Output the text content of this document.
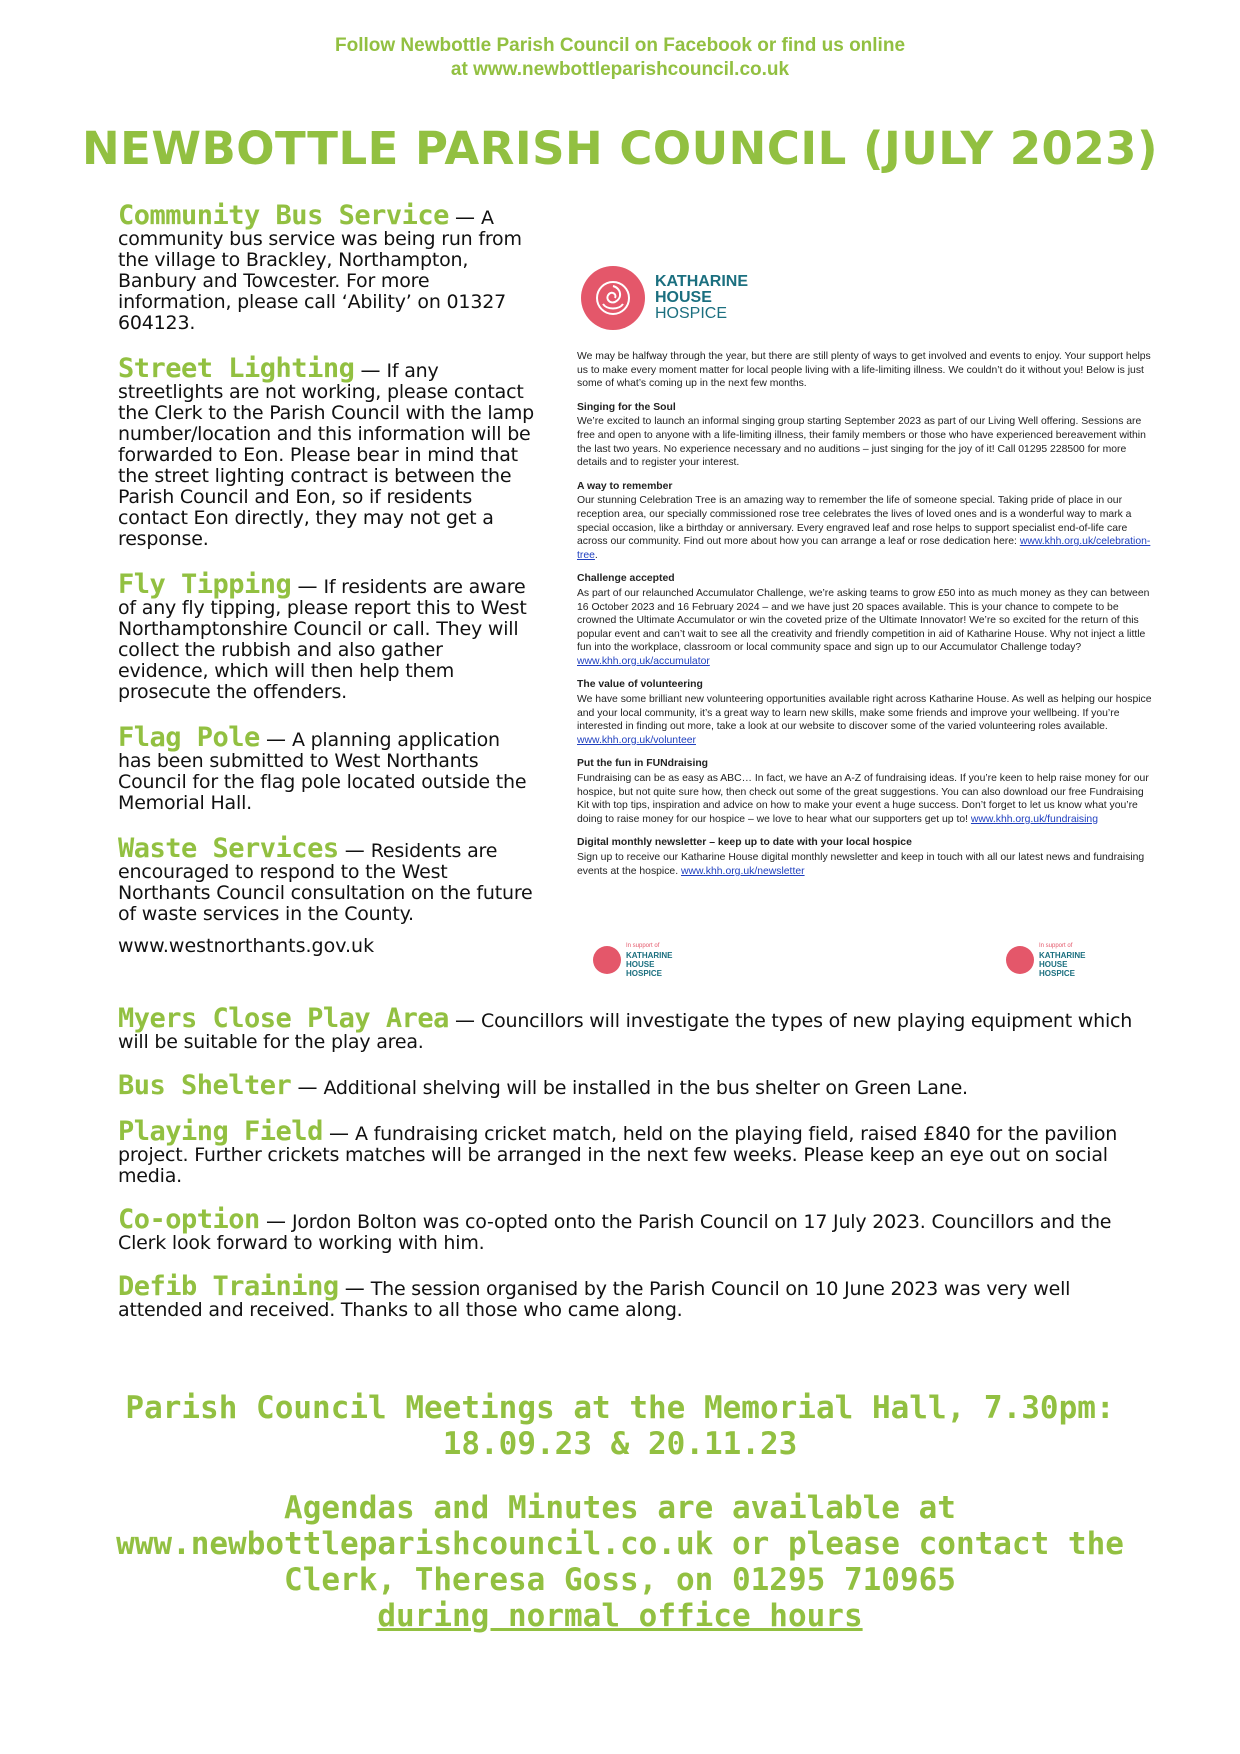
Follow Newbottle Parish Council on Facebook or find us online
at www.newbottleparishcouncil.co.uk
NEWBOTTLE PARISH COUNCIL (JULY 2023)
Community Bus Service — A community bus service was being run from the village to Brackley, Northampton, Banbury and Towcester. For more information, please call ‘Ability’ on 01327 604123.
Street Lighting — If any streetlights are not working, please contact the Clerk to the Parish Council with the lamp number/location and this information will be forwarded to Eon. Please bear in mind that the street lighting contract is between the Parish Council and Eon, so if residents contact Eon directly, they may not get a response.
Fly Tipping — If residents are aware of any fly tipping, please report this to West Northamptonshire Council or call. They will collect the rubbish and also gather evidence, which will then help them prosecute the offenders.
Flag Pole — A planning application has been submitted to West Northants Council for the flag pole located outside the Memorial Hall.
Waste Services — Residents are encouraged to respond to the West Northants Council consultation on the future of waste services in the County.
www.westnorthants.gov.uk
KATHARINE
HOUSE
HOSPICE

We may be halfway through the year, but there are still plenty of ways to get involved and events to enjoy. Your support helps us to make every moment matter for local people living with a life-limiting illness. We couldn’t do it without you! Below is just some of what’s coming up in the next few months.

Singing for the Soul
We’re excited to launch an informal singing group starting September 2023 as part of our Living Well offering. Sessions are free and open to anyone with a life-limiting illness, their family members or those who have experienced bereavement within the last two years. No experience necessary and no auditions – just singing for the joy of it! Call 01295 228500 for more details and to register your interest.

A way to remember
Our stunning Celebration Tree is an amazing way to remember the life of someone special. Taking pride of place in our reception area, our specially commissioned rose tree celebrates the lives of loved ones and is a wonderful way to mark a special occasion, like a birthday or anniversary. Every engraved leaf and rose helps to support specialist end-of-life care across our community. Find out more about how you can arrange a leaf or rose dedication here: www.khh.org.uk/celebration-tree.

Challenge accepted
As part of our relaunched Accumulator Challenge, we’re asking teams to grow £50 into as much money as they can between 16 October 2023 and 16 February 2024 – and we have just 20 spaces available. This is your chance to compete to be crowned the Ultimate Accumulator or win the coveted prize of the Ultimate Innovator! We’re so excited for the return of this popular event and can’t wait to see all the creativity and friendly competition in aid of Katharine House. Why not inject a little fun into the workplace, classroom or local community space and sign up to our Accumulator Challenge today? www.khh.org.uk/accumulator

The value of volunteering
We have some brilliant new volunteering opportunities available right across Katharine House. As well as helping our hospice and your local community, it’s a great way to learn new skills, make some friends and improve your wellbeing. If you’re interested in finding out more, take a look at our website to discover some of the varied volunteering roles available. www.khh.org.uk/volunteer

Put the fun in FUNdraising
Fundraising can be as easy as ABC… In fact, we have an A-Z of fundraising ideas. If you’re keen to help raise money for our hospice, but not quite sure how, then check out some of the great suggestions. You can also download our free Fundraising Kit with top tips, inspiration and advice on how to make your event a huge success. Don’t forget to let us know what you’re doing to raise money for our hospice – we love to hear what our supporters get up to! www.khh.org.uk/fundraising

Digital monthly newsletter – keep up to date with your local hospice
Sign up to receive our Katharine House digital monthly newsletter and keep in touch with all our latest news and fundraising events at the hospice. www.khh.org.uk/newsletter

In support of
KATHARINE
HOUSE
HOSPICE
In support of
KATHARINE
HOUSE
HOSPICE
Myers Close Play Area — Councillors will investigate the types of new playing equipment which will be suitable for the play area.
Bus Shelter — Additional shelving will be installed in the bus shelter on Green Lane.
Playing Field — A fundraising cricket match, held on the playing field, raised £840 for the pavilion project. Further crickets matches will be arranged in the next few weeks. Please keep an eye out on social media.
Co-option — Jordon Bolton was co-opted onto the Parish Council on 17 July 2023. Councillors and the Clerk look forward to working with him.
Defib Training — The session organised by the Parish Council on 10 June 2023 was very well attended and received. Thanks to all those who came along.
Parish Council Meetings at the Memorial Hall, 7.30pm:
18.09.23 & 20.11.23
Agendas and Minutes are available at
www.newbottleparishcouncil.co.uk or please contact the
Clerk, Theresa Goss, on 01295 710965
during normal office hours
